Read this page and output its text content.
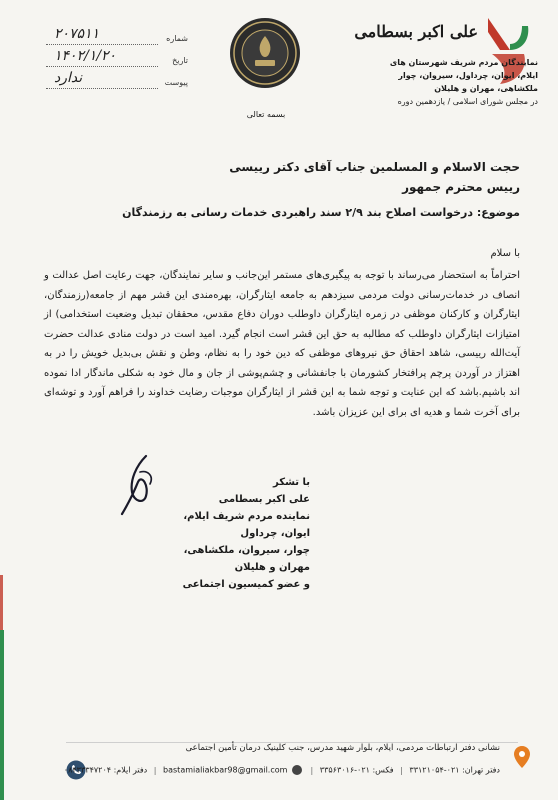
شماره
۲۰۷۵۱۱
تاریخ
۱۴۰۲/۱/۲۰
پیوست
ندارد
بسمه تعالی
علی اکبر بسطامی
نمایندگان مردم شریف شهرستان های
ایلام، ایوان، چرداول، سیروان، چوار
ملکشاهی، مهران و هلیلان
در مجلس شورای اسلامی / یازدهمین دوره
حجت الاسلام و المسلمین جناب آقای دکتر رییسی
رییس محترم جمهور
موضوع: درخواست اصلاح بند ۲/۹ سند راهبردی خدمات رسانی به رزمندگان
با سلام
احتراماً به استحضار می‌رساند با توجه به پیگیری‌های مستمر این‌جانب و سایر نمایندگان، جهت رعایت اصل عدالت و انصاف در خدمات‌رسانی دولت مردمی سیزدهم به جامعه ایثارگران، بهره‌مندی این قشر مهم از جامعه(رزمندگان، ایثارگران و کارکنان موظفی در زمره ایثارگران داوطلب دوران دفاع مقدس، محققان تبدیل وضعیت استخدامی) از امتیازات ایثارگران داوطلب که مطالبه به حق این قشر است انجام گیرد. امید است در دولت منادی عدالت حضرت آیت‌الله رییسی، شاهد احقاق حق نیروهای موظفی که دین خود را به نظام، وطن و نقش بی‌بدیل خویش را در به اهتزاز در آوردن پرچم پرافتخار کشورمان با جانفشانی و چشم‌پوشی از جان و مال خود به شکلی ماندگار ادا نموده اند باشیم.باشد که این عنایت و توجه شما به این قشر از ایثارگران موجبات رضایت خداوند را فراهم آورد و توشه‌ای برای آخرت شما و هدیه ای برای این عزیزان باشد.
با تشکر
علی اکبر بسطامی
نماینده مردم شریف ایلام، ایوان، چرداول
چوار، سیروان، ملکشاهی، مهران و هلیلان
و عضو کمیسیون اجتماعی
نشانی دفتر ارتباطات مردمی، ایلام، بلوار شهید مدرس، جنب کلینیک درمان تأمین اجتماعی
دفتر تهران: ۰۲۱-۳۳۱۲۱۰۵۴ | فکس: ۰۲۱-۳۳۵۶۳۰۱۶ |  bastamialiakbar98@gmail.com | دفتر ایلام: ۰۸۴۳۳۳۴۷۲۰۴
